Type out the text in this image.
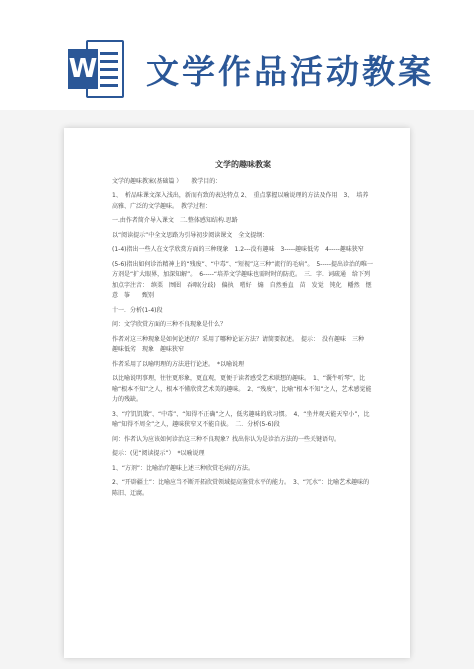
W 文学作品活动教案

文学的趣味教案

文学的趣味教案(基础篇 ）　　教学目的：

1、　析品味课文深入浅出，新而有致的表达特点 2、　重点掌握以喻说理的方法及作用　3、　培养高雅、广泛的文学趣味。　教学过程：

一.由作者简介导入课文　二.整体感知结构.思路

以“阅读提示”中全文思路为引导初步阅读课文　全文提纲：

(1-4)指出一些人在文学欣赏方面的三种现象　1.2---没有趣味　3-----趣味低劣　4-----趣味狭窄

(5-6)指出如何诊治精神上的“残废”、“中毒”、“短视”这三种“流行的毛病”。　5-----提出诊治的唯一方剂是“扩大眼界，加深知解”。　6-----“培养文学趣味也需时时的防范。　三．字．词疏通　给下列加点字注音：　缜栗　囫囵　吞咽(分歧)　偏执　嗜好　煽　自然垂直　苗　发觉　钝化　幡然　惬意　筝　　甄别

十一．分析(1-4)段

问：文学欣赏方面的三种不良现象是什么？

作者对这三种现象是如何论述的？采用了哪种论证方法？请简要叙述。　提示：　没有趣味　三种　趣味低劣　现象　趣味狭窄

作者采用了以喻明理的方法进行论述。　*以喻说理

以比喻说明事理，往往更形象，更直观，更便于读者感受艺术联想的趣味。　1、“囊牛听琴”，比喻“根本不知”之人，根本不懂欣赏艺术美的趣味。　2、“残废”，比喻“根本不知”之人，艺术感觉能力的残缺。

3、“疗饥饥饿”、“中毒”、“知得不正确”之人，低劣趣味的欣习惯。　4、“坐井观天能天窄小”，比喻“知得不周全”之人，趣味狭窄又不能自拔。　二．分析(5-6)段

问：作者认为应该如何诊治这三种不良现象？找出你认为是诊治方法的一些关键语句。

提示：(见“阅读提示”）　*以喻说理

1、“方剂”：比喻治疗趣味上述三种欣赏毛病的方法。

2、“开辟疆土”：比喻应当不断开拓欣赏领域提高鉴赏水平的能力。　3、“冗水”：比喻艺术趣味的陈旧、迂腐。
